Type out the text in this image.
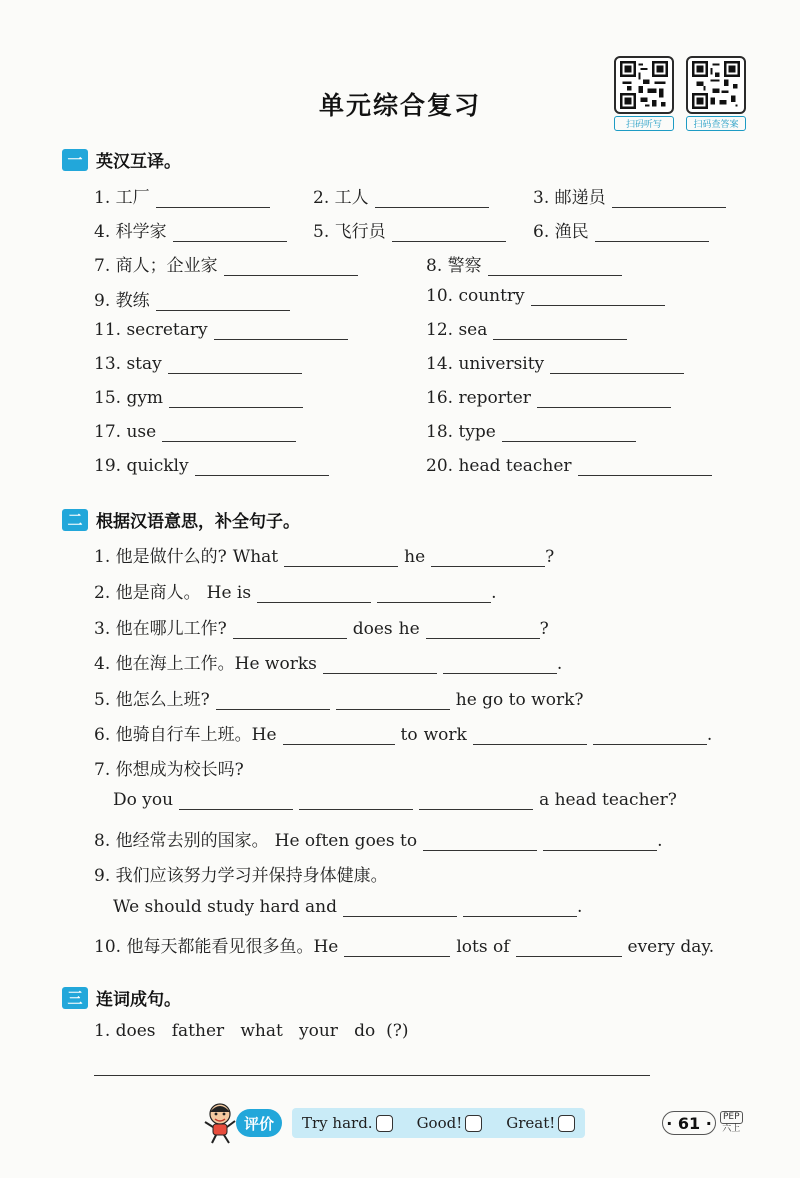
单元综合复习
扫码听写	扫码查答案
一 英汉互译。
1. 工厂	2. 工人	3. 邮递员
4. 科学家	5. 飞行员	6. 渔民
7. 商人；企业家	8. 警察
9. 教练	10. country
11. secretary	12. sea
13. stay	14. university
15. gym	16. reporter
17. use	18. type
19. quickly	20. head teacher
二 根据汉语意思，补全句子。
1. 他是做什么的? What	he	?
2. 他是商人。 He is	.
3. 他在哪儿工作?	does he	?
4. 他在海上工作。 He works	.
5. 他怎么上班?	he go to work?
6. 他骑自行车上班。 He	to work	.
7. 你想成为校长吗?
Do you	a head teacher?
8. 他经常去别的国家。 He often goes to	.
9. 我们应该努力学习并保持身体健康。
We should study hard and	.
10. 他每天都能看见很多鱼。 He	lots of	every day.
三 连词成句。
1. does   father   what   your   do  (?)
评价	Try hard.	Good!	Great!	· 61 ·	PEP
六上
